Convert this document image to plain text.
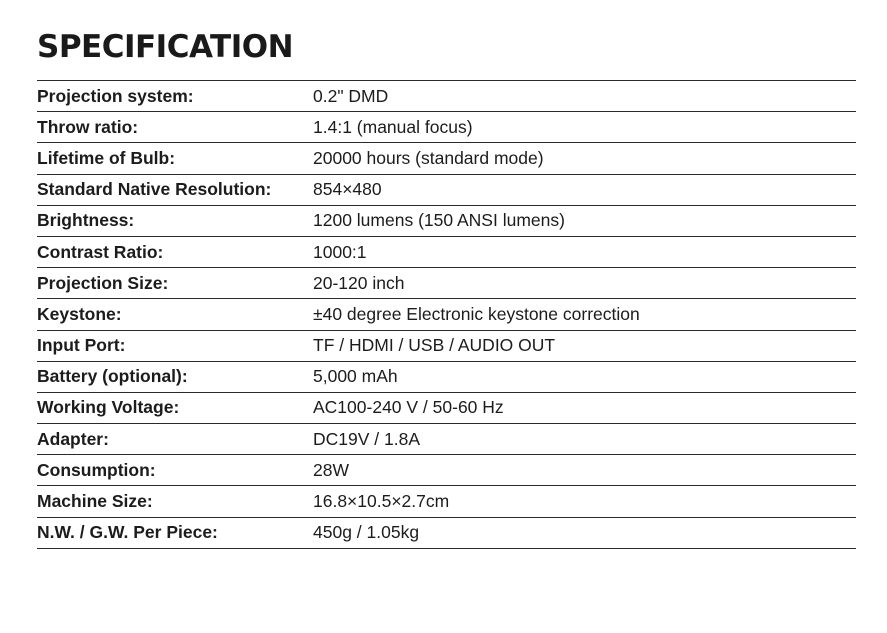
SPECIFICATION
Projection system:	0.2" DMD
Throw ratio:	1.4:1 (manual focus)
Lifetime of Bulb:	20000 hours (standard mode)
Standard Native Resolution:	854×480
Brightness:	1200 lumens (150 ANSI lumens)
Contrast Ratio:	1000:1
Projection Size:	20-120 inch
Keystone:	±40 degree Electronic keystone correction
Input Port:	TF / HDMI / USB / AUDIO OUT
Battery (optional):	5,000 mAh
Working Voltage:	AC100-240 V / 50-60 Hz
Adapter:	DC19V / 1.8A
Consumption:	28W
Machine Size:	16.8×10.5×2.7cm
N.W. / G.W. Per Piece:	450g / 1.05kg
